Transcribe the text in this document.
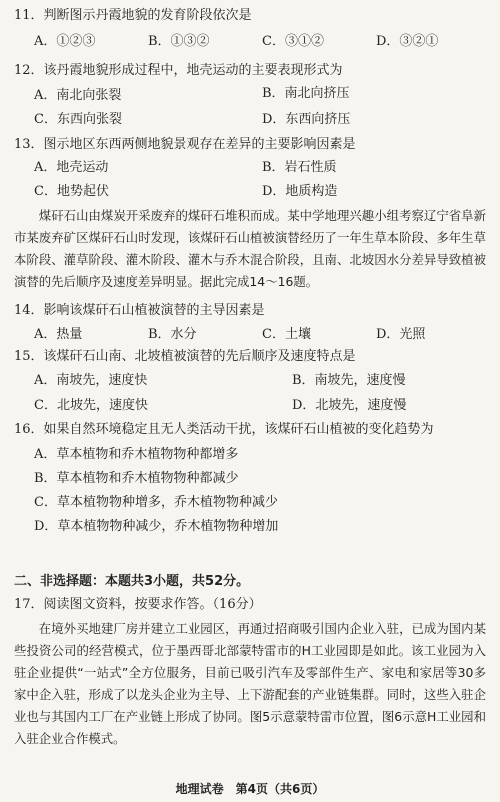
11．判断图示丹霞地貌的发育阶段依次是
A．①②③	B．①③②	C．③①②	D．③②①
12．该丹霞地貌形成过程中，地壳运动的主要表现形式为
A．南北向张裂	B．南北向挤压
C．东西向张裂	D．东西向挤压
13．图示地区东西两侧地貌景观存在差异的主要影响因素是
A．地壳运动	B．岩石性质
C．地势起伏	D．地质构造

煤矸石山由煤炭开采废弃的煤矸石堆积而成。某中学地理兴趣小组考察辽宁省阜新市某废弃矿区煤矸石山时发现，该煤矸石山植被演替经历了一年生草本阶段、多年生草本阶段、灌草阶段、灌木阶段、灌木与乔木混合阶段，且南、北坡因水分差异导致植被演替的先后顺序及速度差异明显。据此完成14～16题。

14．影响该煤矸石山植被演替的主导因素是
A．热量	B．水分	C．土壤	D．光照
15．该煤矸石山南、北坡植被演替的先后顺序及速度特点是
A．南坡先，速度快	B．南坡先，速度慢
C．北坡先，速度快	D．北坡先，速度慢
16．如果自然环境稳定且无人类活动干扰，该煤矸石山植被的变化趋势为
A．草本植物和乔木植物物种都增多
B．草本植物和乔木植物物种都减少
C．草本植物物种增多，乔木植物物种减少
D．草本植物物种减少，乔木植物物种增加
二、非选择题：本题共3小题，共52分。
17．阅读图文资料，按要求作答。（16分）

在境外买地建厂房并建立工业园区，再通过招商吸引国内企业入驻，已成为国内某些投资公司的经营模式，位于墨西哥北部蒙特雷市的H工业园即是如此。该工业园为入驻企业提供“一站式”全方位服务，目前已吸引汽车及零部件生产、家电和家居等30多家中企入驻，形成了以龙头企业为主导、上下游配套的产业链集群。同时，这些入驻企业也与其国内工厂在产业链上形成了协同。图5示意蒙特雷市位置，图6示意H工业园和入驻企业合作模式。

地理试卷　第4页（共6页）
